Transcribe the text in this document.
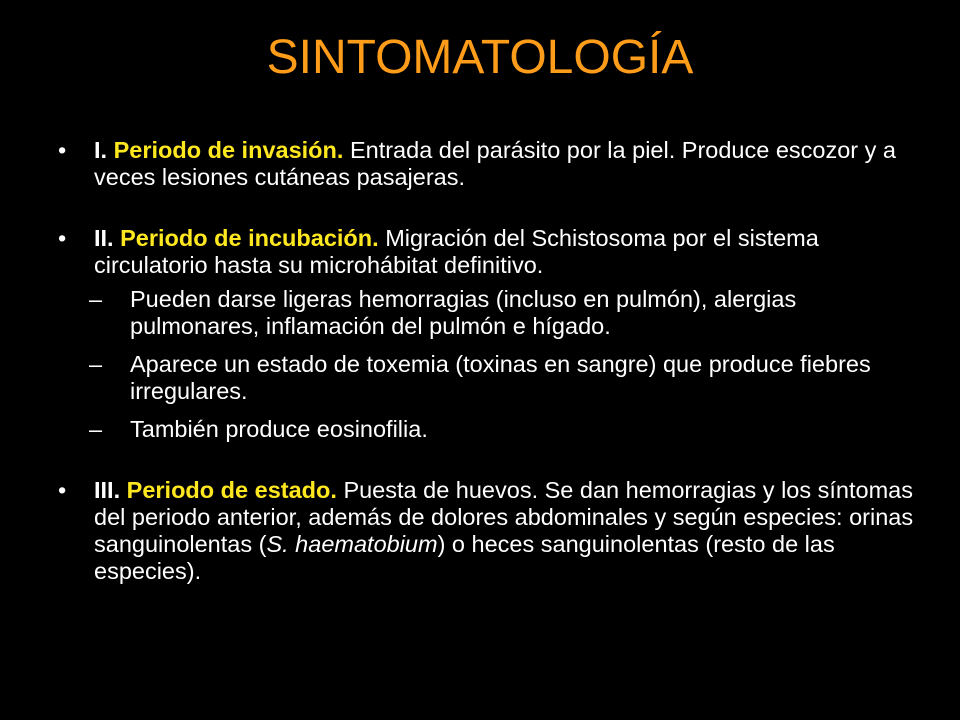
SINTOMATOLOGÍA

• I. Periodo de invasión. Entrada del parásito por la piel. Produce escozor y a veces lesiones cutáneas pasajeras.

• II. Periodo de incubación. Migración del Schistosoma por el sistema circulatorio hasta su microhábitat definitivo.

– Pueden darse ligeras hemorragias (incluso en pulmón), alergias pulmonares, inflamación del pulmón e hígado.

– Aparece un estado de toxemia (toxinas en sangre) que produce fiebres irregulares.

– También produce eosinofilia.

• III. Periodo de estado. Puesta de huevos. Se dan hemorragias y los síntomas del periodo anterior, además de dolores abdominales y según especies: orinas sanguinolentas (S. haematobium) o heces sanguinolentas (resto de las especies).
